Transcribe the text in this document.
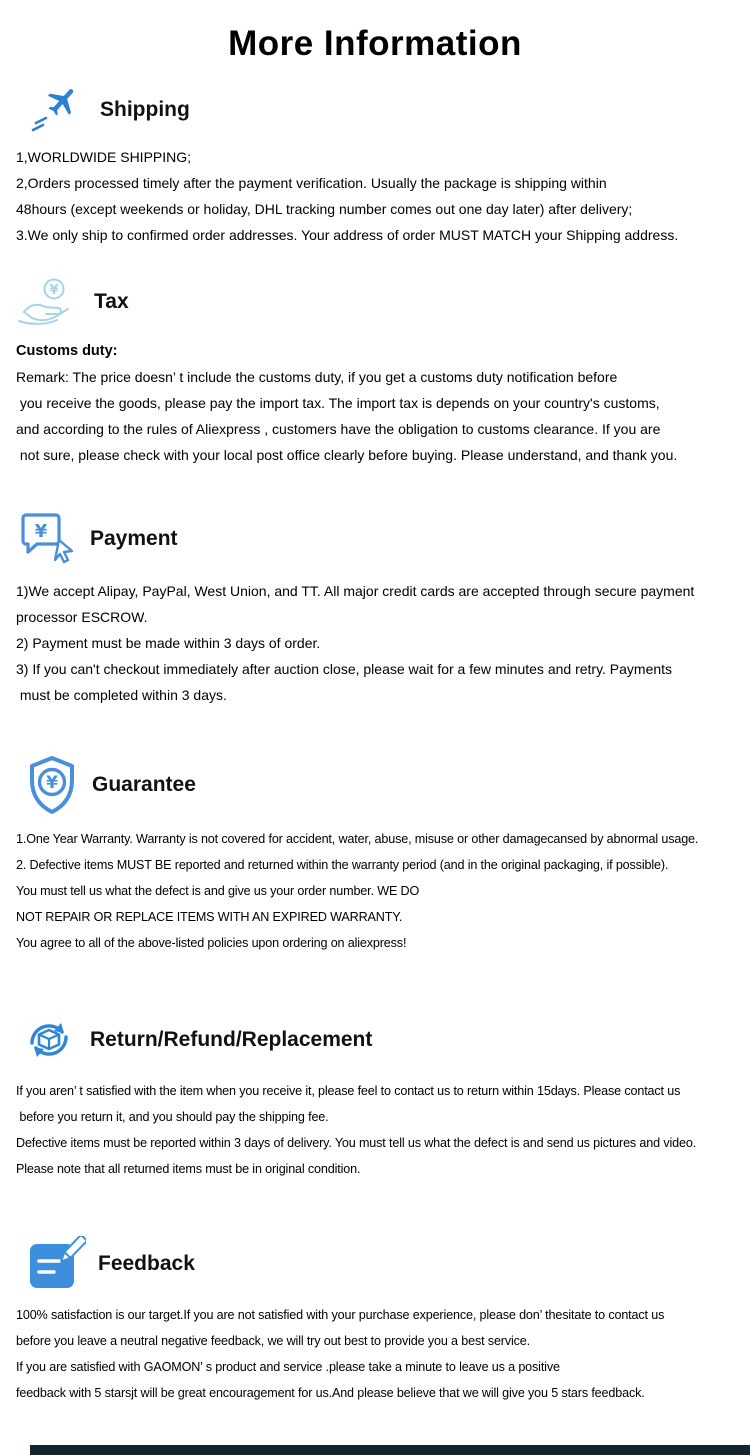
More Information
Shipping
1,WORLDWIDE SHIPPING;
2,Orders processed timely after the payment verification. Usually the package is shipping within
48hours (except weekends or holiday, DHL tracking number comes out one day later) after delivery;
3.We only ship to confirmed order addresses. Your address of order MUST MATCH your Shipping address.
¥ Tax
Customs duty:
Remark: The price doesn’ t include the customs duty, if you get a customs duty notification before
you receive the goods, please pay the import tax. The import tax is depends on your country's customs,
and according to the rules of Aliexpress , customers have the obligation to customs clearance. If you are
not sure, please check with your local post office clearly before buying. Please understand, and thank you.
¥ Payment
1)We accept Alipay, PayPal, West Union, and TT. All major credit cards are accepted through secure payment
processor ESCROW.
2) Payment must be made within 3 days of order.
3) If you can't checkout immediately after auction close, please wait for a few minutes and retry. Payments
must be completed within 3 days.
¥ Guarantee
1.One Year Warranty. Warranty is not covered for accident, water, abuse, misuse or other damagecansed by abnormal usage.
2. Defective items MUST BE reported and returned within the warranty period (and in the original packaging, if possible).
You must tell us what the defect is and give us your order number. WE DO
NOT REPAIR OR REPLACE ITEMS WITH AN EXPIRED WARRANTY.
You agree to all of the above-listed policies upon ordering on aliexpress!
Return/Refund/Replacement
If you aren’ t satisfied with the item when you receive it, please feel to contact us to return within 15days. Please contact us
before you return it, and you should pay the shipping fee.
Defective items must be reported within 3 days of delivery. You must tell us what the defect is and send us pictures and video.
Please note that all returned items must be in original condition.
Feedback
100% satisfaction is our target.If you are not satisfied with your purchase experience, please don’ thesitate to contact us
before you leave a neutral negative feedback, we will try out best to provide you a best service.
If you are satisfied with GAOMON’ s product and service .please take a minute to leave us a positive
feedback with 5 starsjt will be great encouragement for us.And please believe that we will give you 5 stars feedback.
